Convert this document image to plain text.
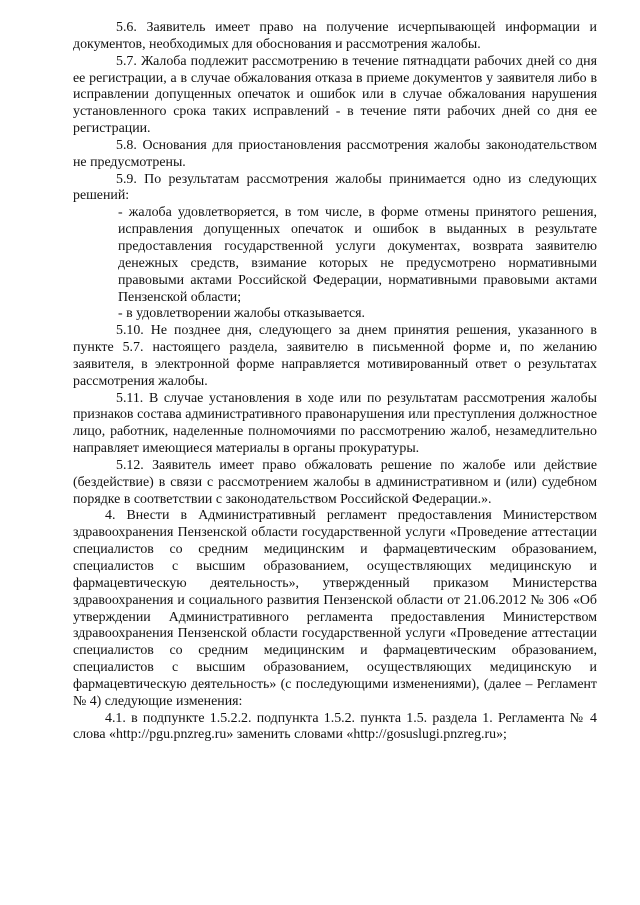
5.6. Заявитель имеет право на получение исчерпывающей информации и документов, необходимых для обоснования и рассмотрения жалобы.

5.7. Жалоба подлежит рассмотрению в течение пятнадцати рабочих дней со дня ее регистрации, а в случае обжалования отказа в приеме документов у заявителя либо в исправлении допущенных опечаток и ошибок или в случае обжалования нарушения установленного срока таких исправлений - в течение пяти рабочих дней со дня ее регистрации.

5.8. Основания для приостановления рассмотрения жалобы законодательством не предусмотрены.

5.9. По результатам рассмотрения жалобы принимается одно из следующих решений:

- жалоба удовлетворяется, в том числе, в форме отмены принятого решения, исправления допущенных опечаток и ошибок в выданных в результате предоставления государственной услуги документах, возврата заявителю денежных средств, взимание которых не предусмотрено нормативными правовыми актами Российской Федерации, нормативными правовыми актами Пензенской области;

- в удовлетворении жалобы отказывается.

5.10. Не позднее дня, следующего за днем принятия решения, указанного в пункте 5.7. настоящего раздела, заявителю в письменной форме и, по желанию заявителя, в электронной форме направляется мотивированный ответ о результатах рассмотрения жалобы.

5.11. В случае установления в ходе или по результатам рассмотрения жалобы признаков состава административного правонарушения или преступления должностное лицо, работник, наделенные полномочиями по рассмотрению жалоб, незамедлительно направляет имеющиеся материалы в органы прокуратуры.

5.12. Заявитель имеет право обжаловать решение по жалобе или действие (бездействие) в связи с рассмотрением жалобы в административном и (или) судебном порядке в соответствии с законодательством Российской Федерации.».

4. Внести в Административный регламент предоставления Министерством здравоохранения Пензенской области государственной услуги «Проведение аттестации специалистов со средним медицинским и фармацевтическим образованием, специалистов с высшим образованием, осуществляющих медицинскую и фармацевтическую деятельность», утвержденный приказом Министерства здравоохранения и социального развития Пензенской области от 21.06.2012 № 306 «Об утверждении Административного регламента предоставления Министерством здравоохранения Пензенской области государственной услуги «Проведение аттестации специалистов со средним медицинским и фармацевтическим образованием, специалистов с высшим образованием, осуществляющих медицинскую и фармацевтическую деятельность» (с последующими изменениями), (далее – Регламент № 4) следующие изменения:

4.1. в подпункте 1.5.2.2. подпункта 1.5.2. пункта 1.5. раздела 1. Регламента № 4 слова «http://pgu.pnzreg.ru» заменить словами «http://gosuslugi.pnzreg.ru»;
